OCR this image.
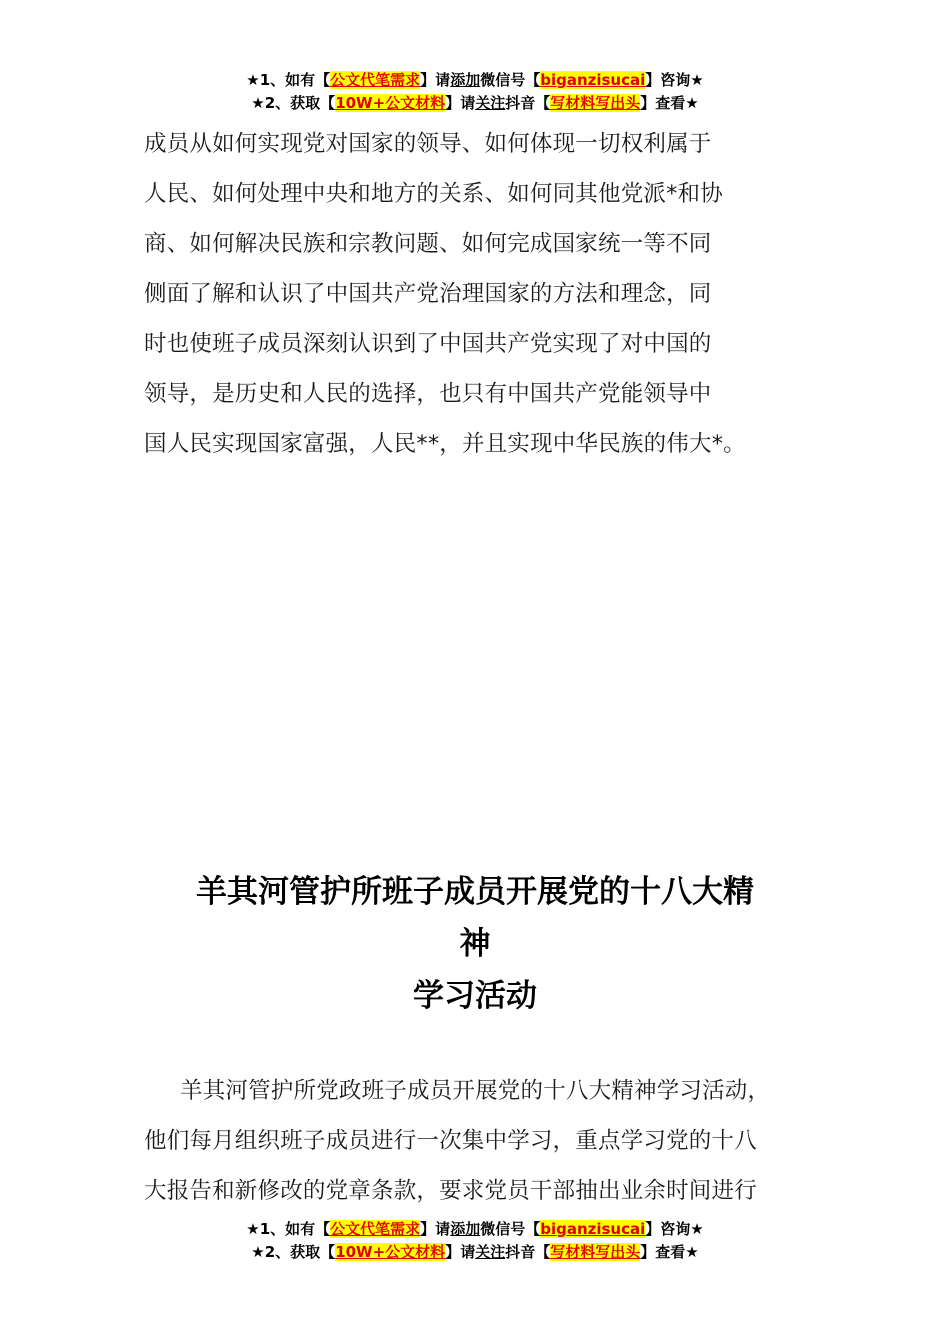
★1、如有【公文代笔需求】请添加微信号【biganzisucai】咨询★
★2、获取【10W+公文材料】请关注抖音【写材料写出头】查看★
成员从如何实现党对国家的领导、如何体现一切权利属于
人民、如何处理中央和地方的关系、如何同其他党派*和协
商、如何解决民族和宗教问题、如何完成国家统一等不同
侧面了解和认识了中国共产党治理国家的方法和理念，同
时也使班子成员深刻认识到了中国共产党实现了对中国的
领导，是历史和人民的选择，也只有中国共产党能领导中
国人民实现国家富强，人民**，并且实现中华民族的伟大*。
羊其河管护所班子成员开展党的十八大精
神
学习活动
羊其河管护所党政班子成员开展党的十八大精神学习活动，
他们每月组织班子成员进行一次集中学习，重点学习党的十八
大报告和新修改的党章条款，要求党员干部抽出业余时间进行
★1、如有【公文代笔需求】请添加微信号【biganzisucai】咨询★
★2、获取【10W+公文材料】请关注抖音【写材料写出头】查看★
